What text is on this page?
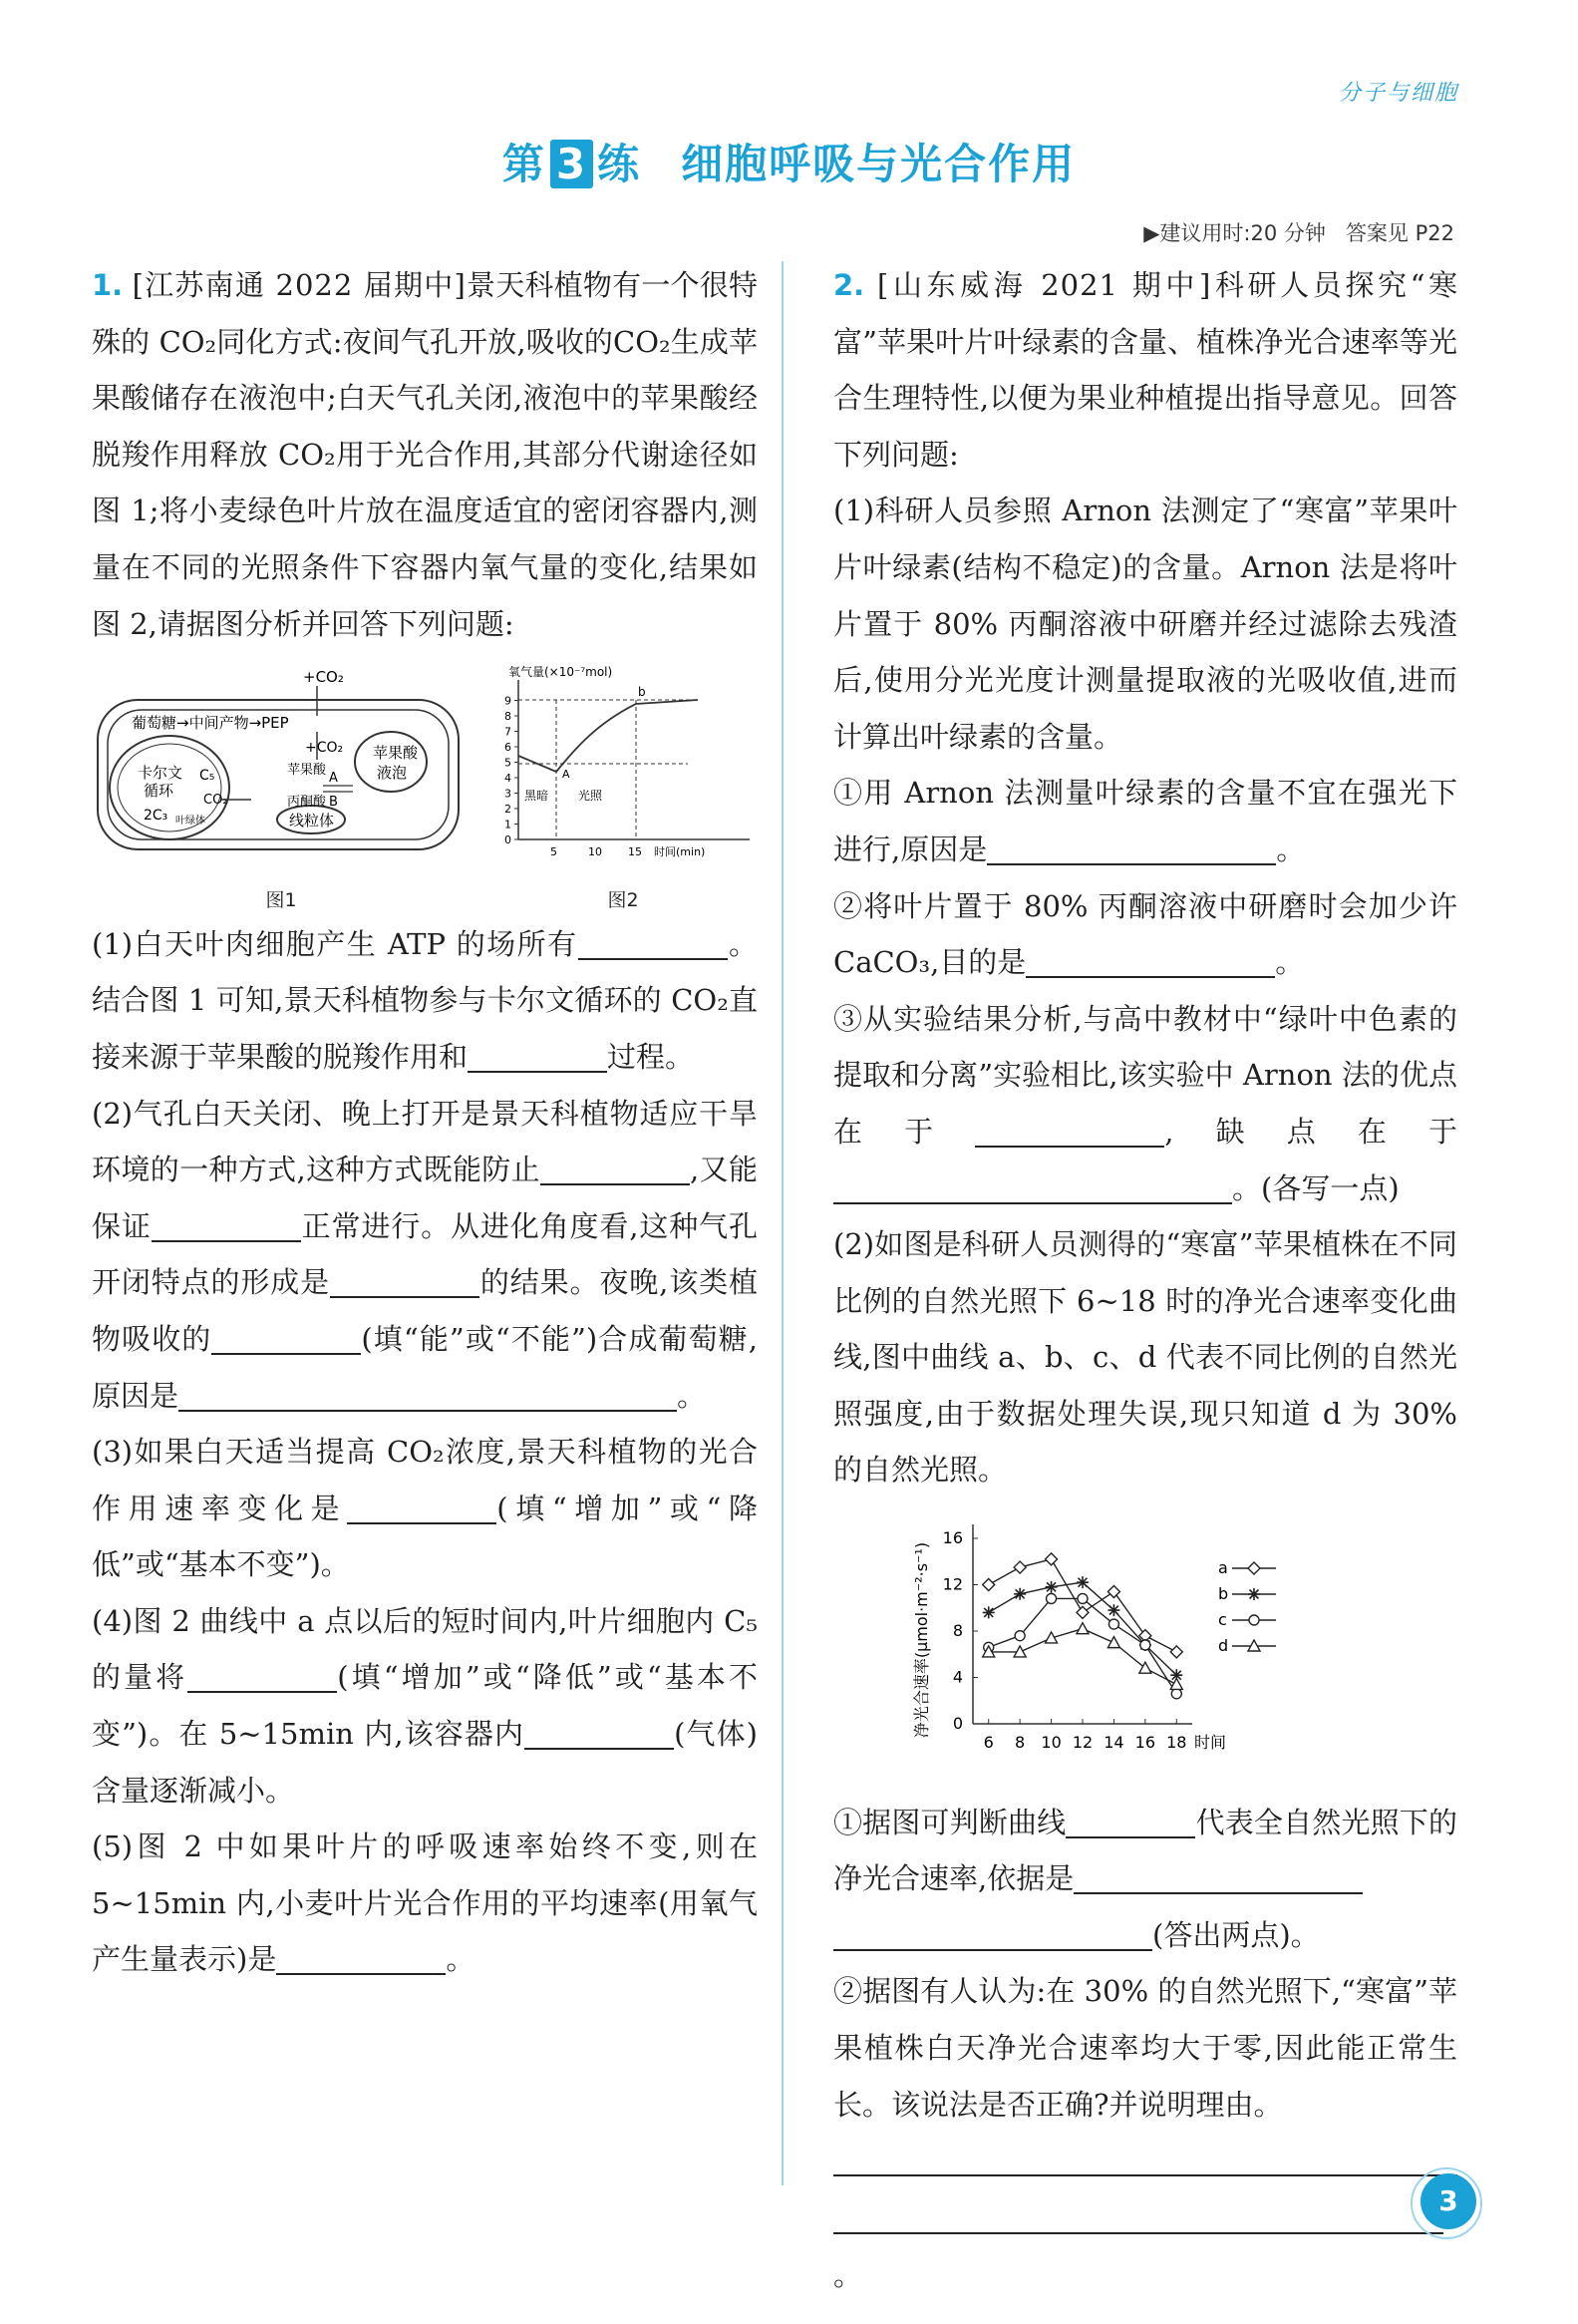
分子与细胞
第 3 练 细胞呼吸与光合作用
▶建议用时:20 分钟 答案见 P22

1. [江苏南通 2022 届期中]景天科植物有一个很特殊的 CO₂同化方式:夜间气孔开放,吸收的CO₂生成苹果酸储存在液泡中;白天气孔关闭,液泡中的苹果酸经脱羧作用释放 CO₂用于光合作用,其部分代谢途径如图 1;将小麦绿色叶片放在温度适宜的密闭容器内,测量在不同的光照条件下容器内氧气量的变化,结果如图 2,请据图分析并回答下列问题:

+CO₂
葡萄糖→中间产物→PEP
+CO₂
苹果酸
A
B
丙酮酸
卡尔文
循环
C₅
CO₂
2C₃ 叶绿体
苹果酸
液泡
线粒体
图1
氧气量(×10⁻⁷mol)
0
1
2
3
4
5
6
7
8
9
A
b
黑暗 光照
5	10 15 时间(min)
图2

(1)白天叶肉细胞产生 ATP 的场所有	。结合图 1 可知,景天科植物参与卡尔文循环的 CO₂直接来源于苹果酸的脱羧作用和	过程。

(2)气孔白天关闭、晚上打开是景天科植物适应干旱环境的一种方式,这种方式既能防止	,又能保证	正常进行。从进化角度看,这种气孔开闭特点的形成是	的结果。夜晚,该类植物吸收的	(填“能”或“不能”)合成葡萄糖,原因是	。

(3)如果白天适当提高 CO₂浓度,景天科植物的光合作用速率变化是	(填“增加”或“降低”或“基本不变”)。

(4)图 2 曲线中 a 点以后的短时间内,叶片细胞内 C₅的量将	(填“增加”或“降低”或“基本不变”)。在 5~15min 内,该容器内	(气体)含量逐渐减小。

(5)图 2 中如果叶片的呼吸速率始终不变,则在 5~15min 内,小麦叶片光合作用的平均速率(用氧气产生量表示)是	。

2. [山东威海 2021 期中]科研人员探究“寒富”苹果叶片叶绿素的含量、植株净光合速率等光合生理特性,以便为果业种植提出指导意见。回答下列问题:

(1)科研人员参照 Arnon 法测定了“寒富”苹果叶片叶绿素(结构不稳定)的含量。Arnon 法是将叶片置于 80% 丙酮溶液中研磨并经过滤除去残渣后,使用分光光度计测量提取液的光吸收值,进而计算出叶绿素的含量。

①用 Arnon 法测量叶绿素的含量不宜在强光下进行,原因是	。

②将叶片置于 80% 丙酮溶液中研磨时会加少许 CaCO₃,目的是	。

③从实验结果分析,与高中教材中“绿叶中色素的提取和分离”实验相比,该实验中 Arnon 法的优点在于	,缺点在于。(各写一点)

(2)如图是科研人员测得的“寒富”苹果植株在不同比例的自然光照下 6~18 时的净光合速率变化曲线,图中曲线 a、b、c、d 代表不同比例的自然光照强度,由于数据处理失误,现只知道 d 为 30% 的自然光照。

净光合速率(μmol·m⁻²·s⁻¹) 0
4
8
12
16
6 8 10 12 14 16 18
a
b
c
d
时间

①据图可判断曲线	代表全自然光照下的净光合速率,依据是
(答出两点)。

②据图有人认为:在 30% 的自然光照下,“寒富”苹果植株白天净光合速率均大于零,因此能正常生长。该说法是否正确?并说明理由。

。

3
